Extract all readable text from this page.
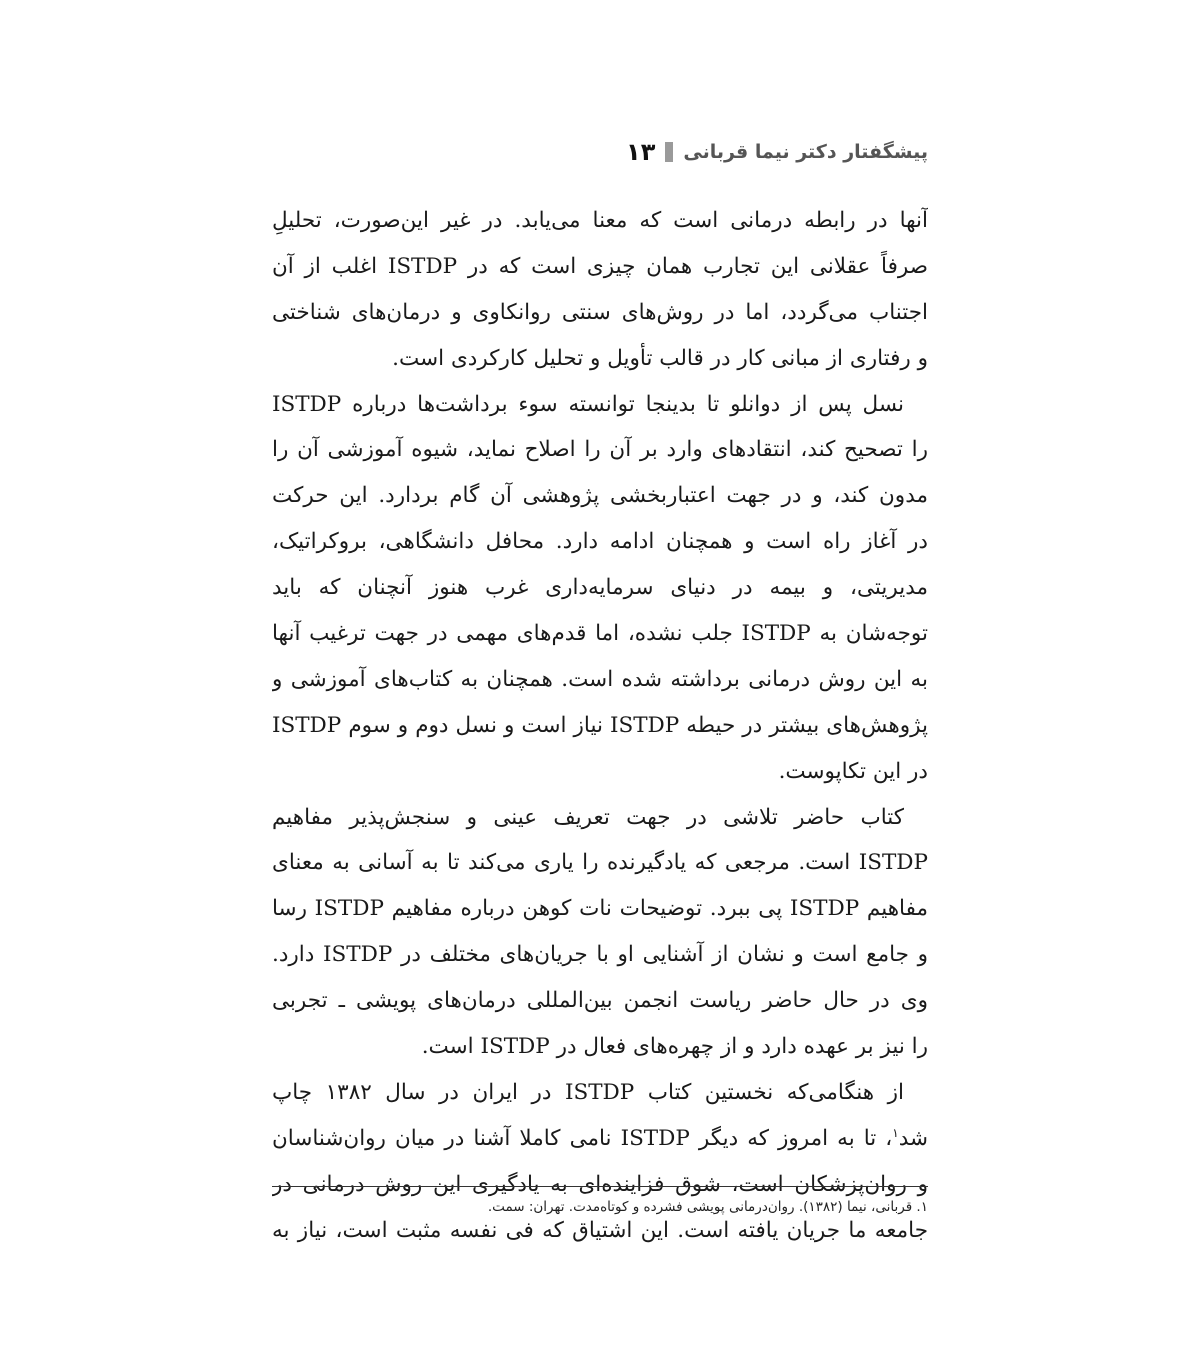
پیشگفتار دکتر نیما قربانی
۱۳
آنها در رابطه درمانی است که معنا می‌یابد. در غیر این‌صورت، تحلیلِ
صرفاً عقلانی این تجارب همان چیزی است که در ISTDP اغلب از آن
اجتناب می‌گردد، اما در روش‌های سنتی روانکاوی و درمان‌های شناختی
و رفتاری از مبانی کار در قالب تأویل و تحلیل کارکردی است.
نسل پس از دوانلو تا بدینجا توانسته سوء برداشت‌ها درباره ISTDP
را تصحیح کند، انتقادهای وارد بر آن را اصلاح نماید، شیوه آموزشی آن را
مدون کند، و در جهت اعتباربخشی پژوهشی آن گام بردارد. این حرکت
در آغاز راه است و همچنان ادامه دارد. محافل دانشگاهی، بروکراتیک،
مدیریتی، و بیمه در دنیای سرمایه‌داری غرب هنوز آنچنان که باید
توجه‌شان به ISTDP جلب نشده، اما قدم‌های مهمی در جهت ترغیب آنها
به این روش درمانی برداشته شده است. همچنان به کتاب‌های آموزشی و
پژوهش‌های بیشتر در حیطه ISTDP نیاز است و نسل دوم و سوم ISTDP
در این تکاپوست.
کتاب حاضر تلاشی در جهت تعریف عینی و سنجش‌پذیر مفاهیم
ISTDP است. مرجعی که یادگیرنده را یاری می‌کند تا به آسانی به معنای
مفاهیم ISTDP پی ببرد. توضیحات نات کوهن درباره مفاهیم ISTDP رسا
و جامع است و نشان از آشنایی او با جریان‌های مختلف در ISTDP دارد.
وی در حال حاضر ریاست انجمن بین‌المللی درمان‌های پویشی ـ تجربی
را نیز بر عهده دارد و از چهره‌های فعال در ISTDP است.
از هنگامی‌که نخستین کتاب ISTDP در ایران در سال ۱۳۸۲ چاپ
شد$^۱$، تا به امروز که دیگر ISTDP نامی کاملا آشنا در میان روان‌شناسان
و روان‌پزشکان است، شوق فزاینده‌ای به یادگیری این روش درمانی در
جامعه ما جریان یافته است. این اشتیاق که فی نفسه مثبت است، نیاز به
۱. قربانی، نیما (۱۳۸۲). روان‌درمانی پویشی فشرده و کوتاه‌مدت. تهران: سمت.
